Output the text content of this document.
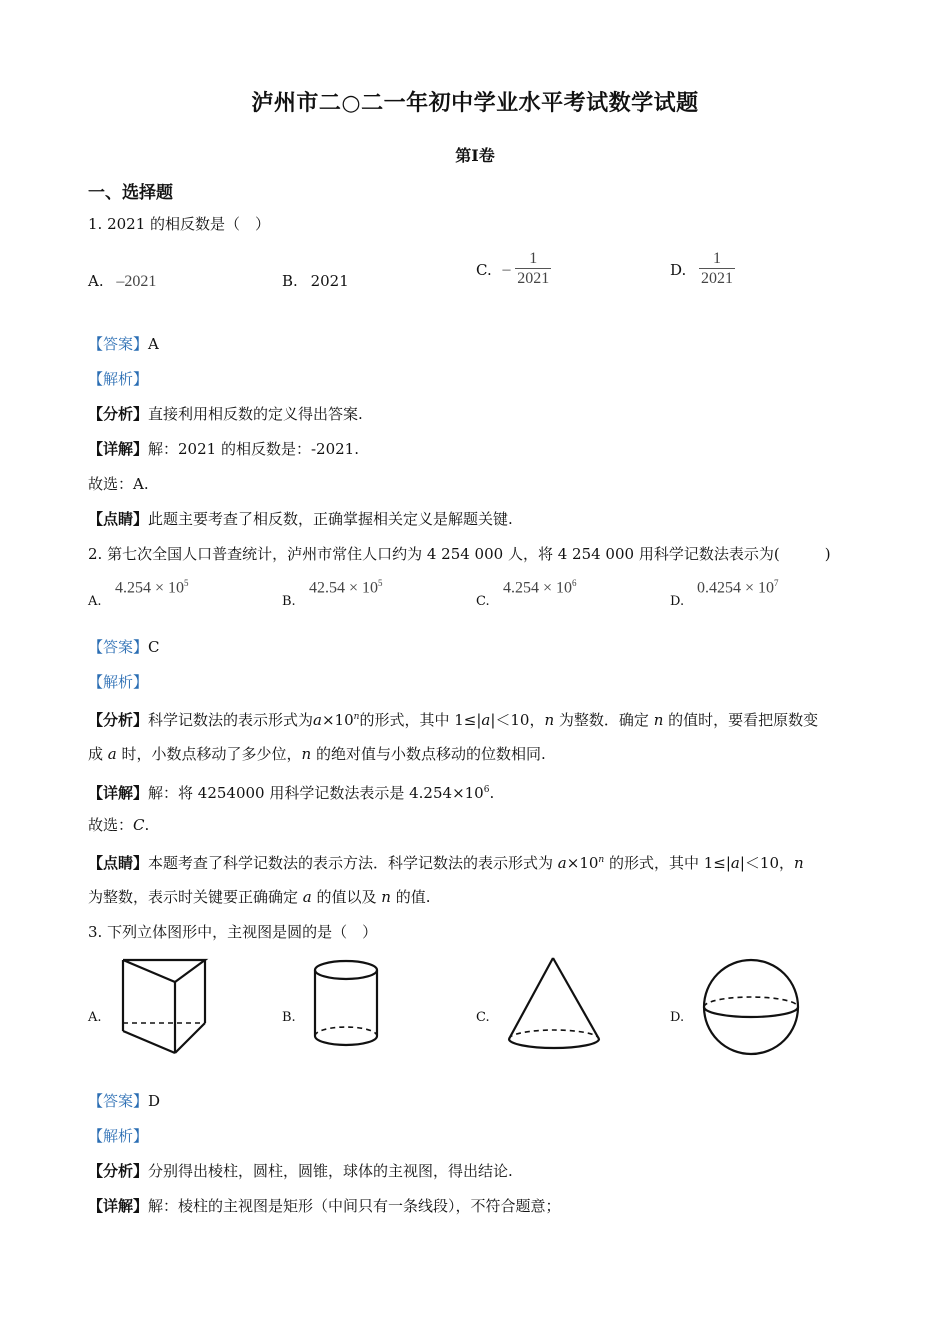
泸州市二○二一年初中学业水平考试数学试题
第Ⅰ卷
一、选择题
1. 2021 的相反数是（　）
A. –2021	B. 2021
C. – $\frac{1}{2021}$	D. $\frac{1}{2021}$
【答案】A
【解析】
【分析】直接利用相反数的定义得出答案.
【详解】解：2021 的相反数是：-2021.
故选：A.
【点睛】此题主要考查了相反数，正确掌握相关定义是解题关键.
2. 第七次全国人口普查统计，泸州市常住人口约为 4 254 000 人，将 4 254 000 用科学记数法表示为(　　　)
A.
$4.254 \times 10^5$
B.
$42.54 \times 10^5$
C.
$4.254 \times 10^6$
D.
$0.4254 \times 10^7$
【答案】C
【解析】
【分析】科学记数法的表示形式为$a\times 10^n$的形式，其中 1≤|a|＜10，n 为整数．确定 n 的值时，要看把原数变
成 a 时，小数点移动了多少位，n 的绝对值与小数点移动的位数相同.
【详解】解：将 4254000 用科学记数法表示是 $4.254\times 10^6$.
故选：C.
【点睛】本题考查了科学记数法的表示方法．科学记数法的表示形式为 $a\times 10^n$ 的形式，其中 1≤|a|＜10，n
为整数，表示时关键要正确确定 a 的值以及 n 的值.
3. 下列立体图形中，主视图是圆的是（　）
A.	B.	C.	D.
【答案】D
【解析】
【分析】分别得出棱柱，圆柱，圆锥，球体的主视图，得出结论.
【详解】解：棱柱的主视图是矩形（中间只有一条线段），不符合题意；
